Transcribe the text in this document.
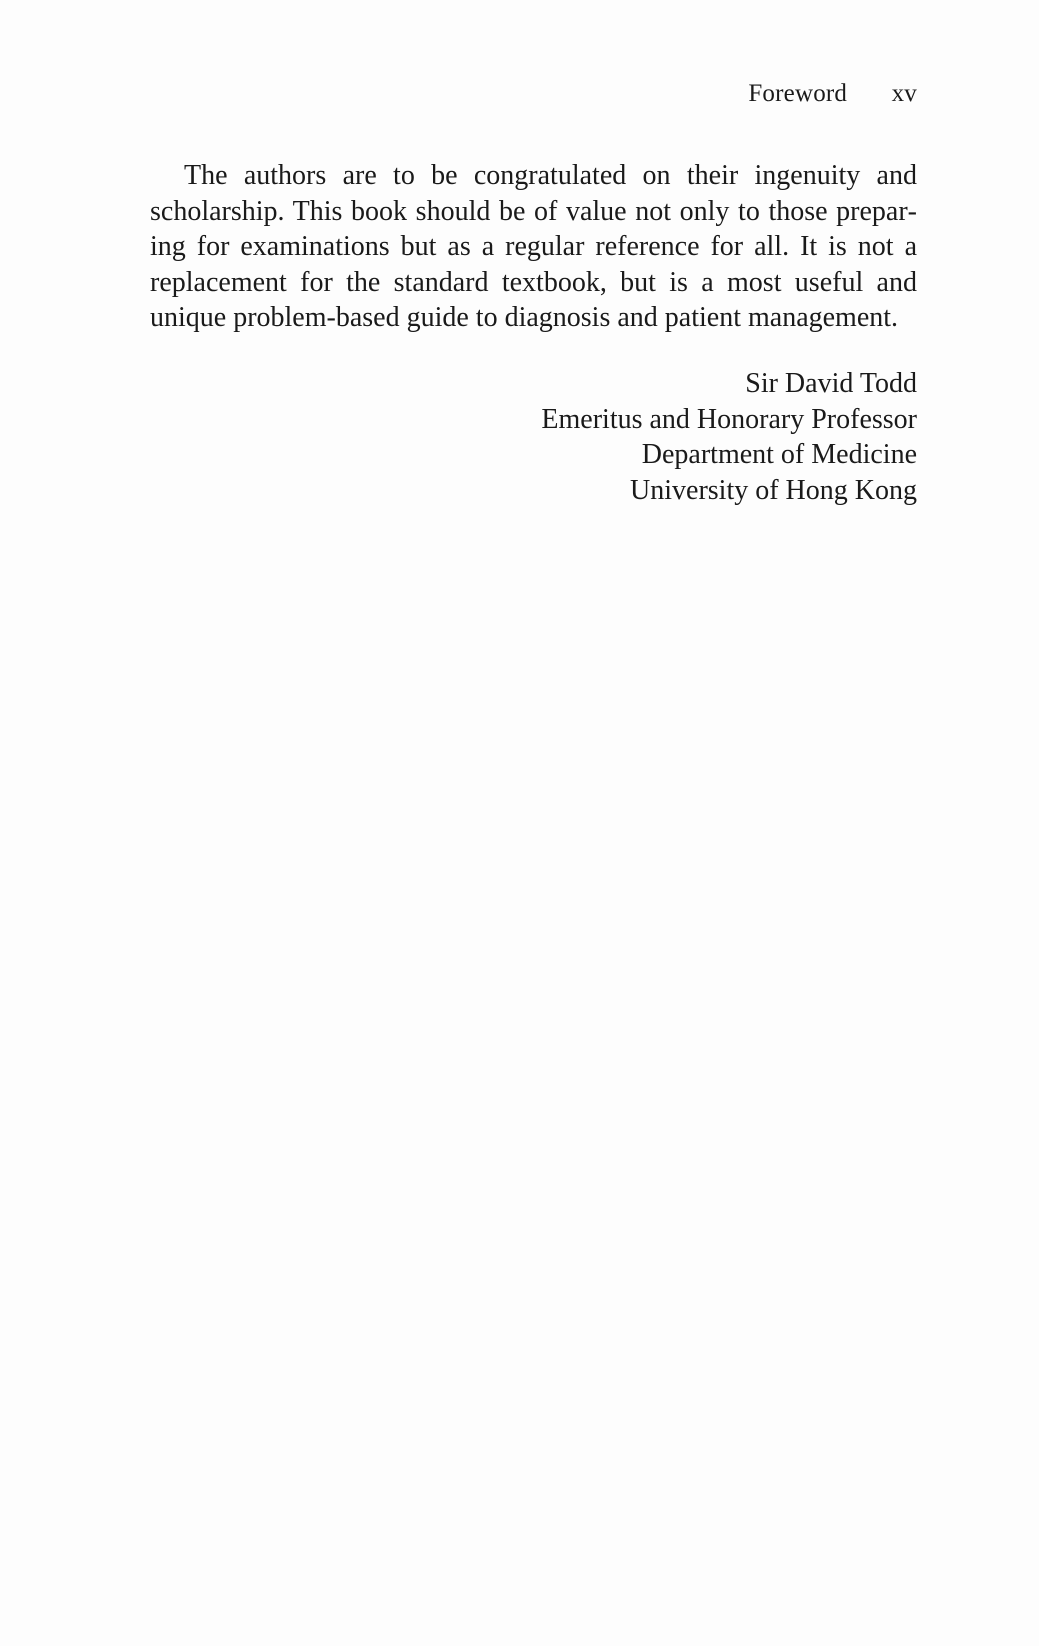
Foreword xv

The authors are to be congratulated on their ingenuity and scholarship. This book should be of value not only to those preparing for examinations but as a regular reference for all. It is not a replacement for the standard textbook, but is a most useful and unique problem-based guide to diagnosis and patient management.

Sir David Todd
Emeritus and Honorary Professor
Department of Medicine
University of Hong Kong
